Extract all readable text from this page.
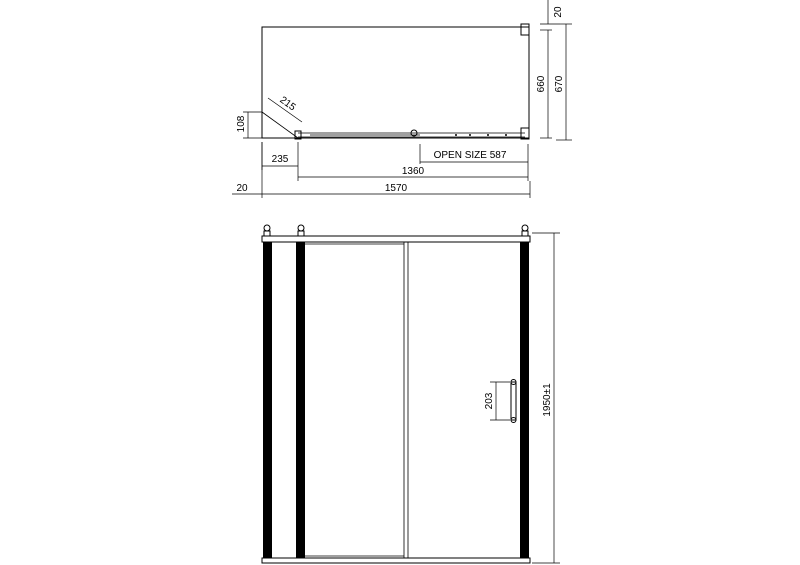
20
660 670
108
215
235	OPEN SIZE 587
1360
20	1570
203	1950±1
